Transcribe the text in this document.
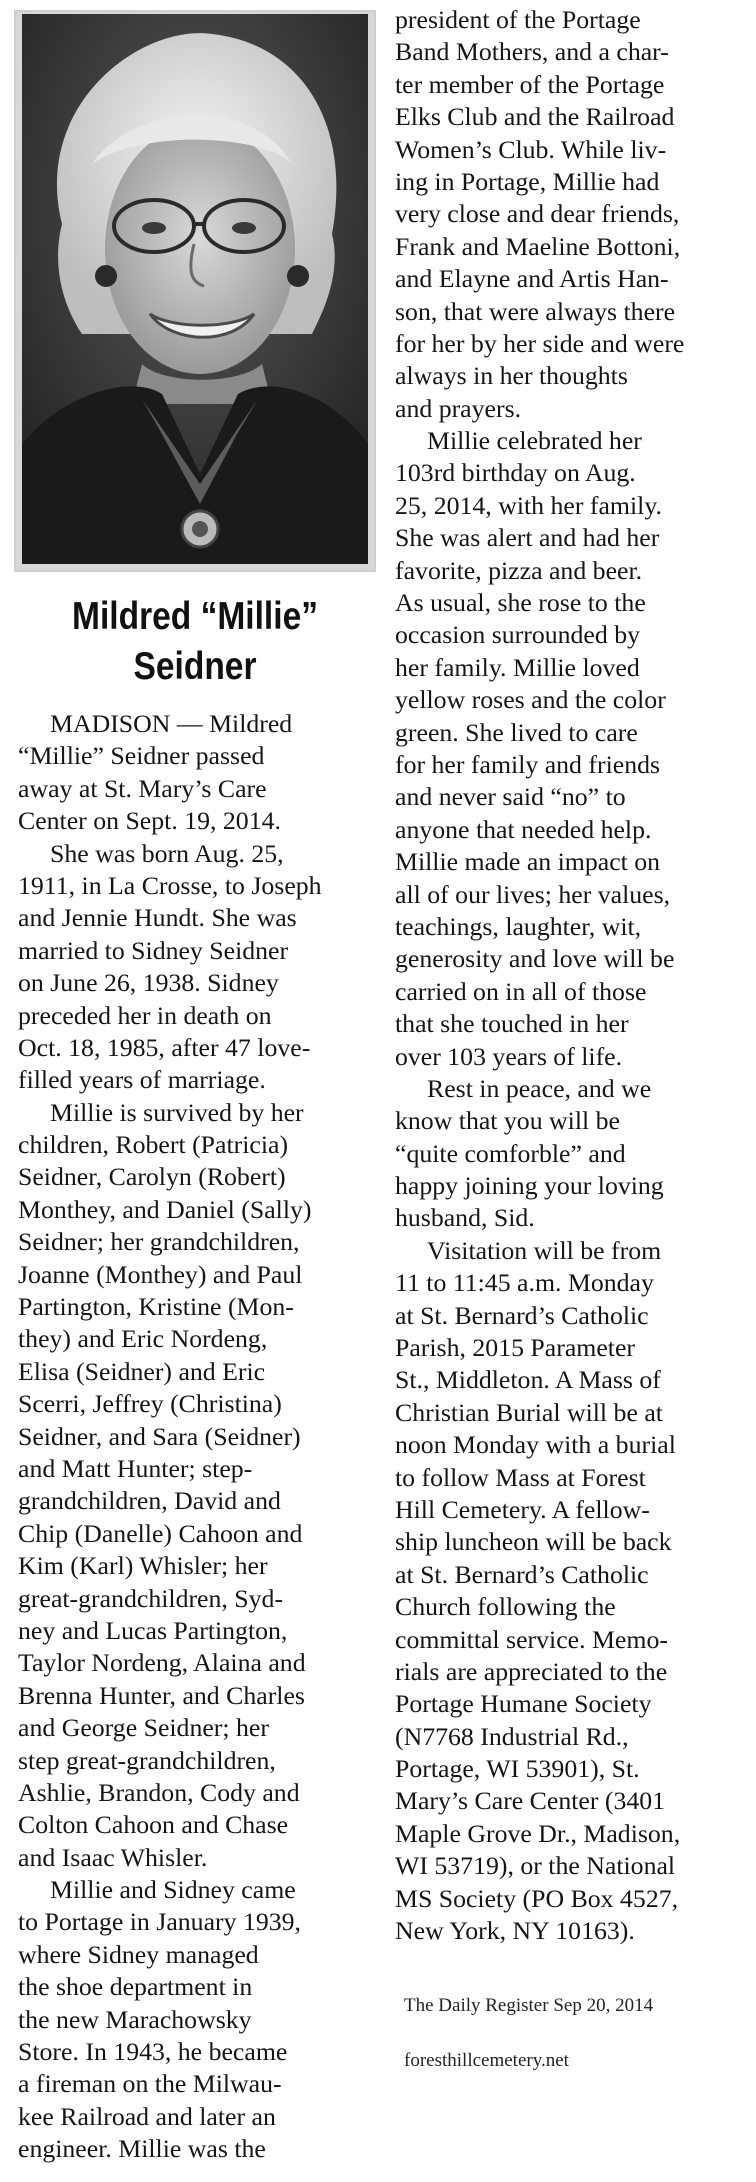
Mildred “Millie”
Seidner
MADISON — Mildred
“Millie” Seidner passed
away at St. Mary’s Care
Center on Sept. 19, 2014.
She was born Aug. 25,
1911, in La Crosse, to Joseph
and Jennie Hundt. She was
married to Sidney Seidner
on June 26, 1938. Sidney
preceded her in death on
Oct. 18, 1985, after 47 love-
filled years of marriage.
Millie is survived by her
children, Robert (Patricia)
Seidner, Carolyn (Robert)
Monthey, and Daniel (Sally)
Seidner; her grandchildren,
Joanne (Monthey) and Paul
Partington, Kristine (Mon-
they) and Eric Nordeng,
Elisa (Seidner) and Eric
Scerri, Jeffrey (Christina)
Seidner, and Sara (Seidner)
and Matt Hunter; step-
grandchildren, David and
Chip (Danelle) Cahoon and
Kim (Karl) Whisler; her
great-grandchildren, Syd-
ney and Lucas Partington,
Taylor Nordeng, Alaina and
Brenna Hunter, and Charles
and George Seidner; her
step great-grandchildren,
Ashlie, Brandon, Cody and
Colton Cahoon and Chase
and Isaac Whisler.
Millie and Sidney came
to Portage in January 1939,
where Sidney managed
the shoe department in
the new Marachowsky
Store. In 1943, he became
a fireman on the Milwau-
kee Railroad and later an
engineer. Millie was the
president of the Portage
Band Mothers, and a char-
ter member of the Portage
Elks Club and the Railroad
Women’s Club. While liv-
ing in Portage, Millie had
very close and dear friends,
Frank and Maeline Bottoni,
and Elayne and Artis Han-
son, that were always there
for her by her side and were
always in her thoughts
and prayers.
Millie celebrated her
103rd birthday on Aug.
25, 2014, with her family.
She was alert and had her
favorite, pizza and beer.
As usual, she rose to the
occasion surrounded by
her family. Millie loved
yellow roses and the color
green. She lived to care
for her family and friends
and never said “no” to
anyone that needed help.
Millie made an impact on
all of our lives; her values,
teachings, laughter, wit,
generosity and love will be
carried on in all of those
that she touched in her
over 103 years of life.
Rest in peace, and we
know that you will be
“quite comforble” and
happy joining your loving
husband, Sid.
Visitation will be from
11 to 11:45 a.m. Monday
at St. Bernard’s Catholic
Parish, 2015 Parameter
St., Middleton. A Mass of
Christian Burial will be at
noon Monday with a burial
to follow Mass at Forest
Hill Cemetery. A fellow-
ship luncheon will be back
at St. Bernard’s Catholic
Church following the
committal service. Memo-
rials are appreciated to the
Portage Humane Society
(N7768 Industrial Rd.,
Portage, WI 53901), St.
Mary’s Care Center (3401
Maple Grove Dr., Madison,
WI 53719), or the National
MS Society (PO Box 4527,
New York, NY 10163).
The Daily Register Sep 20, 2014
foresthillcemetery.net
